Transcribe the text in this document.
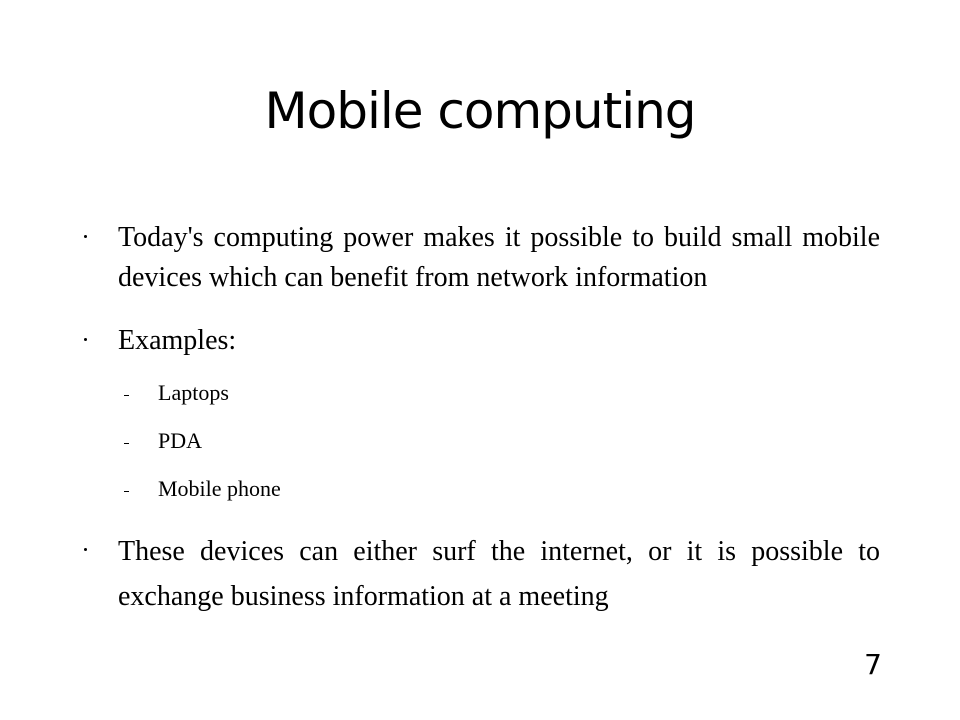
Mobile computing
Today's computing power makes it possible to build small mobile devices which can benefit from network information
Examples:
Laptops
PDA
Mobile phone
These devices can either surf the internet, or it is possible to exchange business information at a meeting
7
